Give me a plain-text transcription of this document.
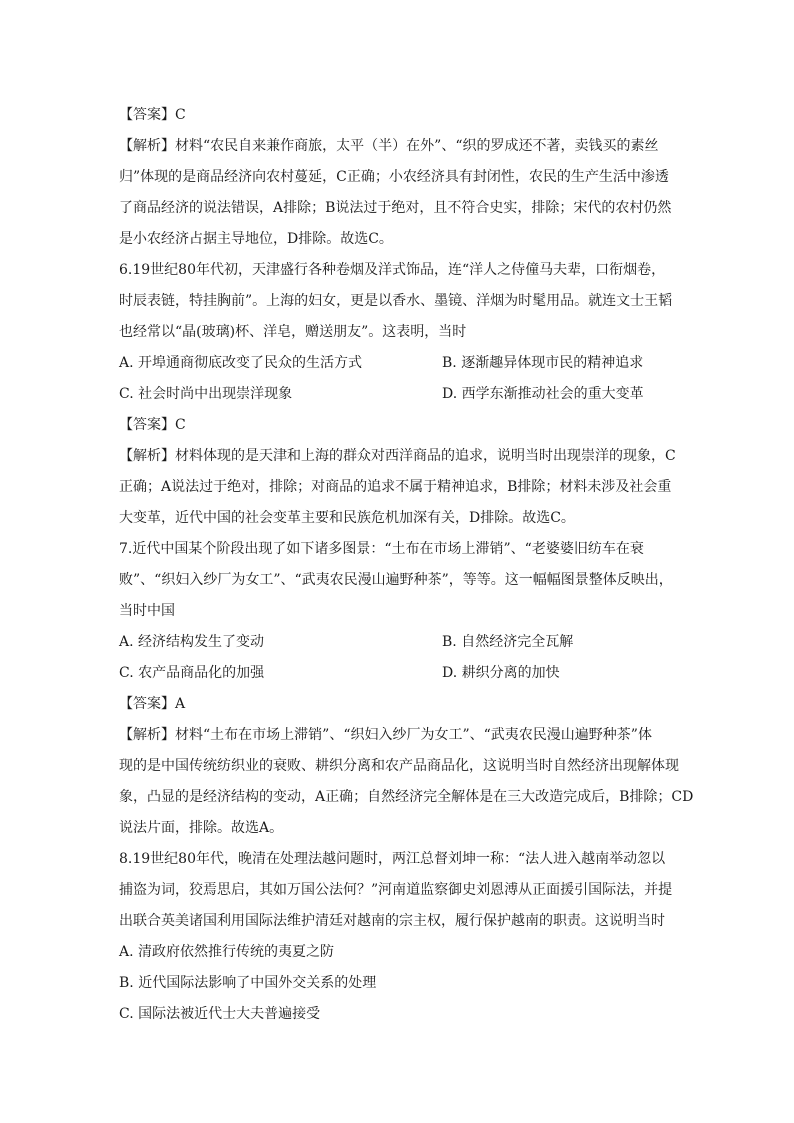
【答案】C
【解析】材料“农民自来兼作商旅，太平（半）在外”、“织的罗成还不著，卖钱买的素丝
归”体现的是商品经济向农村蔓延，C正确；小农经济具有封闭性，农民的生产生活中渗透
了商品经济的说法错误，A排除；B说法过于绝对，且不符合史实，排除；宋代的农村仍然
是小农经济占据主导地位，D排除。故选C。
6.19世纪80年代初，天津盛行各种卷烟及洋式饰品，连“洋人之侍僮马夫辈，口衔烟卷，
时辰表链，特挂胸前”。上海的妇女，更是以香水、墨镜、洋烟为时髦用品。就连文士王韬
也经常以“晶(玻璃)杯、洋皂，赠送朋友”。这表明，当时
A. 开埠通商彻底改变了民众的生活方式	B. 逐渐趣异体现市民的精神追求
C. 社会时尚中出现崇洋现象	D. 西学东渐推动社会的重大变革
【答案】C
【解析】材料体现的是天津和上海的群众对西洋商品的追求，说明当时出现崇洋的现象，C
正确；A说法过于绝对，排除；对商品的追求不属于精神追求，B排除；材料未涉及社会重
大变革，近代中国的社会变革主要和民族危机加深有关，D排除。故选C。
7.近代中国某个阶段出现了如下诸多图景：“土布在市场上滞销”、“老婆婆旧纺车在衰
败”、“织妇入纱厂为女工”、“武夷农民漫山遍野种茶”，等等。这一幅幅图景整体反映出，
当时中国
A. 经济结构发生了变动	B. 自然经济完全瓦解
C. 农产品商品化的加强	D. 耕织分离的加快
【答案】A
【解析】材料“土布在市场上滞销”、“织妇入纱厂为女工”、“武夷农民漫山遍野种茶”体
现的是中国传统纺织业的衰败、耕织分离和农产品商品化，这说明当时自然经济出现解体现
象，凸显的是经济结构的变动，A正确；自然经济完全解体是在三大改造完成后，B排除；CD
说法片面，排除。故选A。
8.19世纪80年代，晚清在处理法越问题时，两江总督刘坤一称：“法人进入越南举动忽以
捕盗为词，狡焉思启，其如万国公法何？”河南道监察御史刘恩溥从正面援引国际法，并提
出联合英美诸国利用国际法维护清廷对越南的宗主权，履行保护越南的职责。这说明当时
A. 清政府依然推行传统的夷夏之防
B. 近代国际法影响了中国外交关系的处理
C. 国际法被近代士大夫普遍接受
